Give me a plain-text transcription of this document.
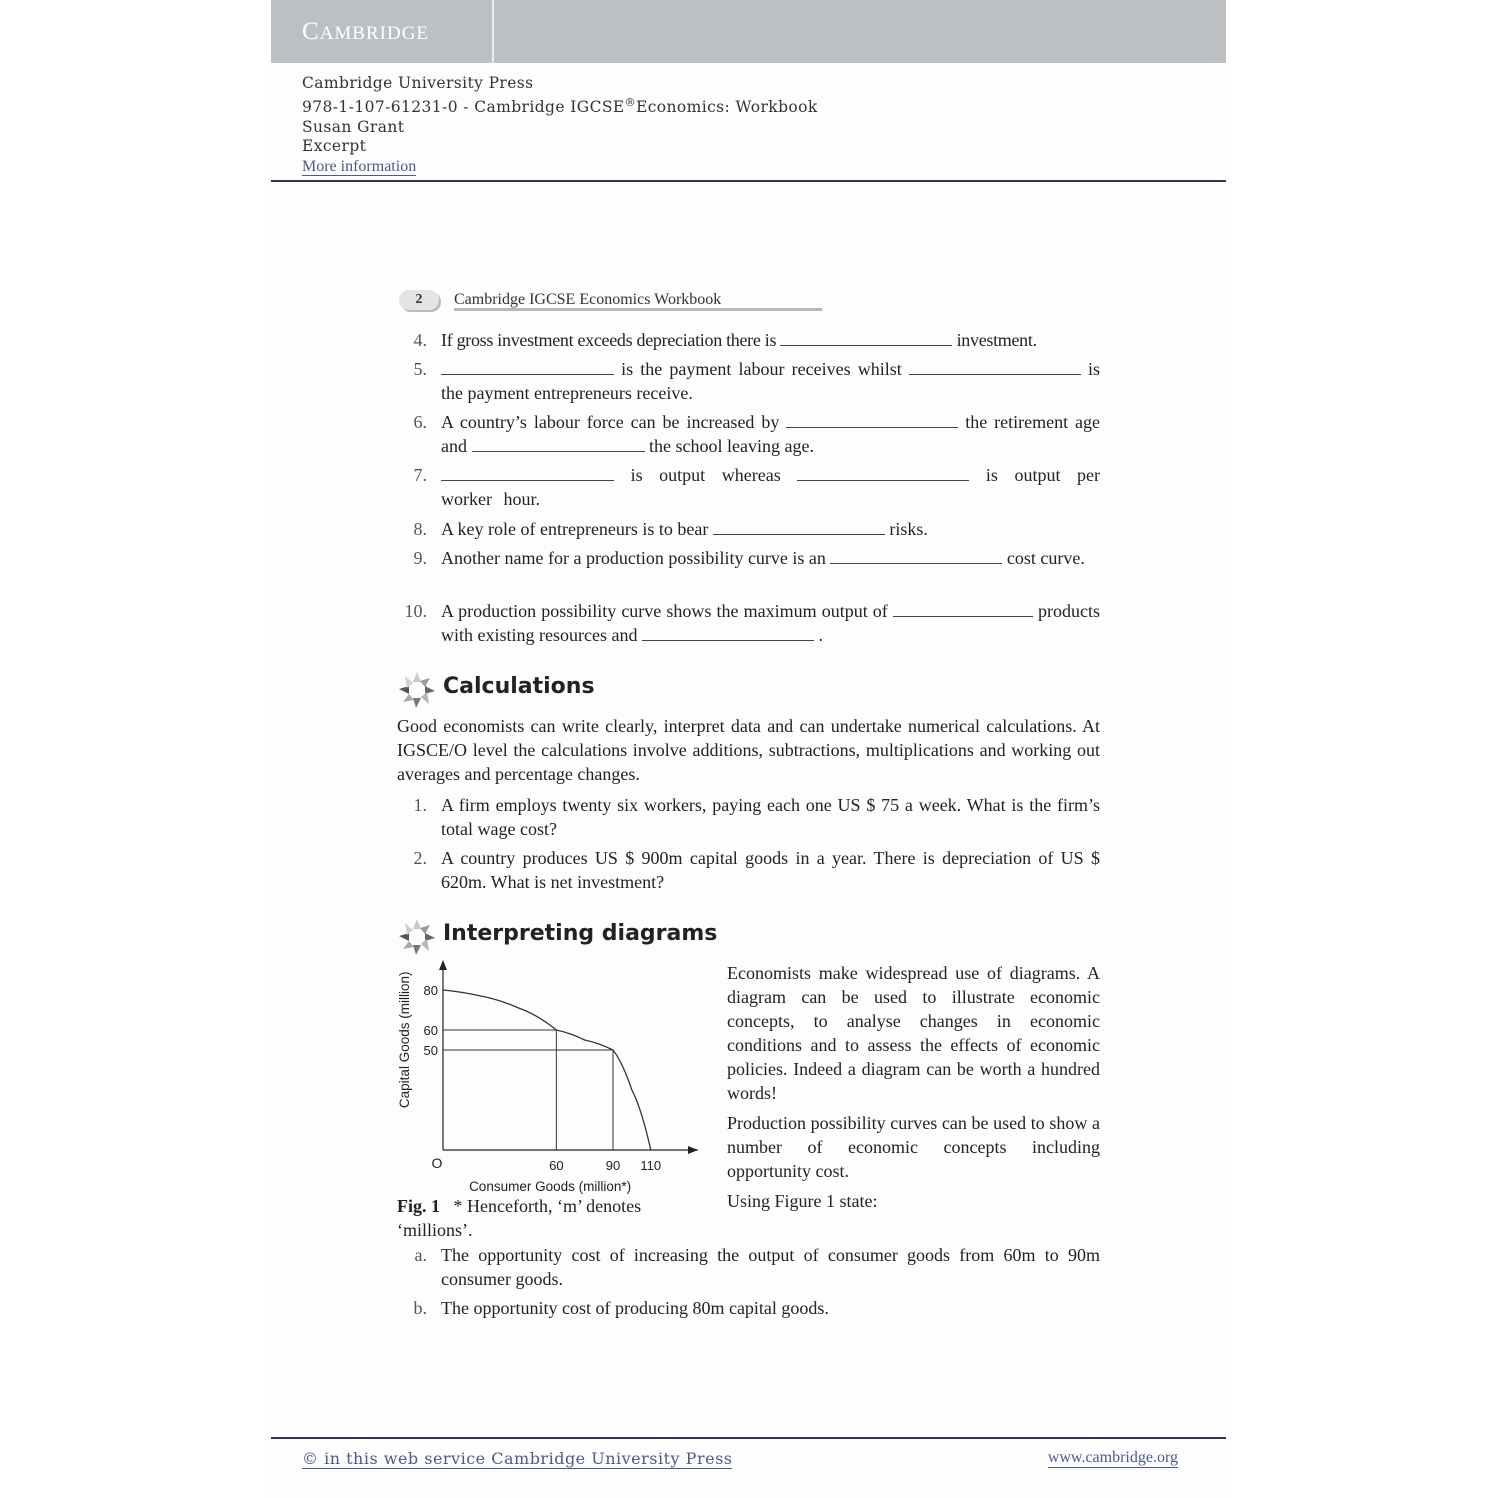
CAMBRIDGE
Cambridge University Press
978-1-107-61231-0 - Cambridge IGCSE®Economics: Workbook
Susan Grant
Excerpt
More information
2	Cambridge IGCSE Economics Workbook
4. If gross investment exceeds depreciation there is	investment.
5.	is the payment labour receives whilst	is the payment entrepreneurs receive.
6. A country’s labour force can be increased by	the retirement age and	the school leaving age.
7.	is output whereas	is output per worker hour.
8. A key role of entrepreneurs is to bear	risks.
9. Another name for a production possibility curve is an	cost curve.
10. A production possibility curve shows the maximum output of	products with existing resources and	.
Calculations
Good economists can write clearly, interpret data and can undertake numerical calculations. At IGSCE/O level the calculations involve additions, subtractions, multiplications and working out averages and percentage changes.
1. A firm employs twenty six workers, paying each one US $ 75 a week. What is the firm’s total wage cost?
2. A country produces US $ 900m capital goods in a year. There is depreciation of US $ 620m. What is net investment?
Interpreting diagrams
80
60
50
60	90 110
O
Consumer Goods (million*)
Capital Goods (million)
Fig. 1 * Henceforth, ‘m’ denotes ‘millions’.

Economists make widespread use of diagrams. A diagram can be used to illustrate economic concepts, to analyse changes in economic conditions and to assess the effects of economic policies. Indeed a diagram can be worth a hundred words!

Production possibility curves can be used to show a number of economic concepts including opportunity cost.

Using Figure 1 state:

a. The opportunity cost of increasing the output of consumer goods from 60m to 90m consumer goods.
b. The opportunity cost of producing 80m capital goods.
© in this web service Cambridge University Press	www.cambridge.org
